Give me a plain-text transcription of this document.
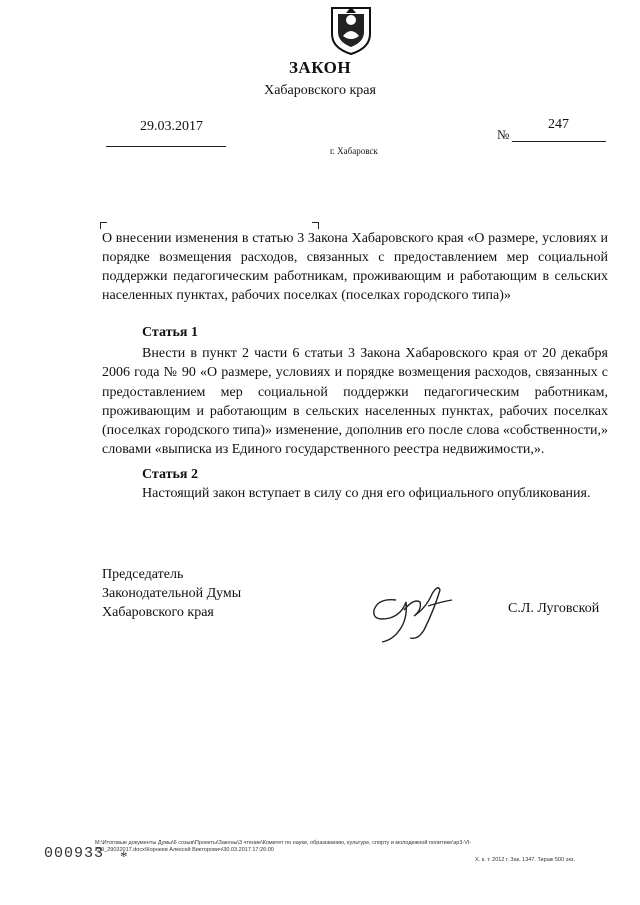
ЗАКОН
Хабаровского края
29.03.2017
№
247
г. Хабаровск
О внесении изменения в статью 3 Закона Хабаровского края «О размере, условиях и порядке возмещения расходов, связанных с предоставлением мер социальной поддержки педагогическим работникам, проживающим и работающим в сельских населенных пунктах, рабочих поселках (поселках городского типа)»
Статья 1
Внести в пункт 2 части 6 статьи 3 Закона Хабаровского края от 20 декабря 2006 года № 90 «О размере, условиях и порядке возмещения расходов, связанных с предоставлением мер социальной поддержки педагогическим работникам, проживающим и работающим в сельских населенных пунктах, рабочих поселках (поселках городского типа)» изменение, дополнив его после слова «собственности,» словами «выписка из Единого государственного реестра недвижимости,».
Статья 2
Настоящий закон вступает в силу со дня его официального опубликования.
Председатель
Законодательной Думы
Хабаровского края	С.Л. Луговской
M:\Итоговые документы Думы\6 созыв\Проекты\Законы\3 чтение\Комитет по науке, образованию, культуре, спорту и молодежной политике\зр3-VI-
259_29032017.docx\Корнеев Алексей Викторович\30.03.2017 17:26:00
Х. к. т. 2012 г. Зак. 1347. Тираж 500 экз.
000933 *
